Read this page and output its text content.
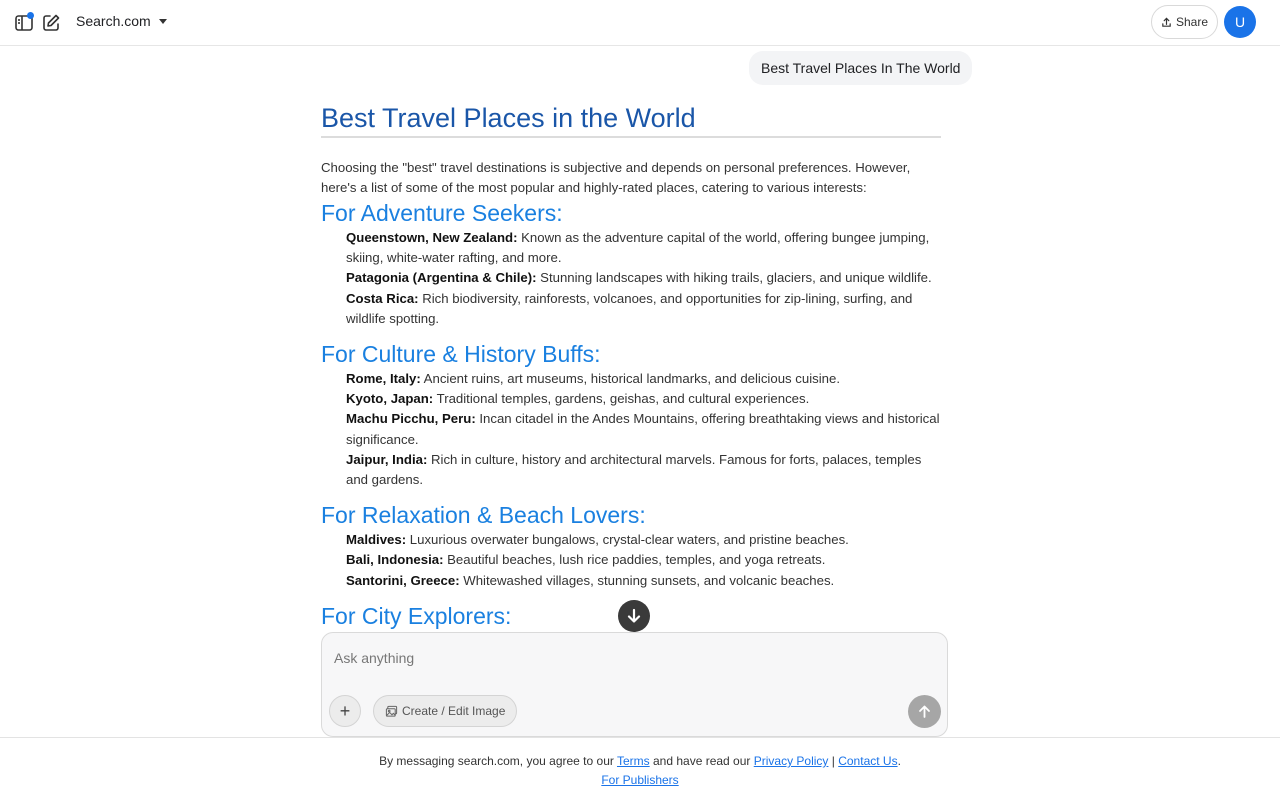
Search.com	Share U
Best Travel Places In The World
Best Travel Places in the World

Choosing the "best" travel destinations is subjective and depends on personal preferences. However, here's a list of some of the most popular and highly-rated places, catering to various interests:

For Adventure Seekers:
Queenstown, New Zealand: Known as the adventure capital of the world, offering bungee jumping, skiing, white-water rafting, and more.
Patagonia (Argentina & Chile): Stunning landscapes with hiking trails, glaciers, and unique wildlife.
Costa Rica: Rich biodiversity, rainforests, volcanoes, and opportunities for zip-lining, surfing, and wildlife spotting.
For Culture & History Buffs:
Rome, Italy: Ancient ruins, art museums, historical landmarks, and delicious cuisine.
Kyoto, Japan: Traditional temples, gardens, geishas, and cultural experiences.
Machu Picchu, Peru: Incan citadel in the Andes Mountains, offering breathtaking views and historical significance.
Jaipur, India: Rich in culture, history and architectural marvels. Famous for forts, palaces, temples and gardens.
For Relaxation & Beach Lovers:
Maldives: Luxurious overwater bungalows, crystal-clear waters, and pristine beaches.
Bali, Indonesia: Beautiful beaches, lush rice paddies, temples, and yoga retreats.
Santorini, Greece: Whitewashed villages, stunning sunsets, and volcanic beaches.
For City Explorers:
Ask anything
+	Create / Edit Image
By messaging search.com, you agree to our Terms and have read our Privacy Policy | Contact Us.
For Publishers
